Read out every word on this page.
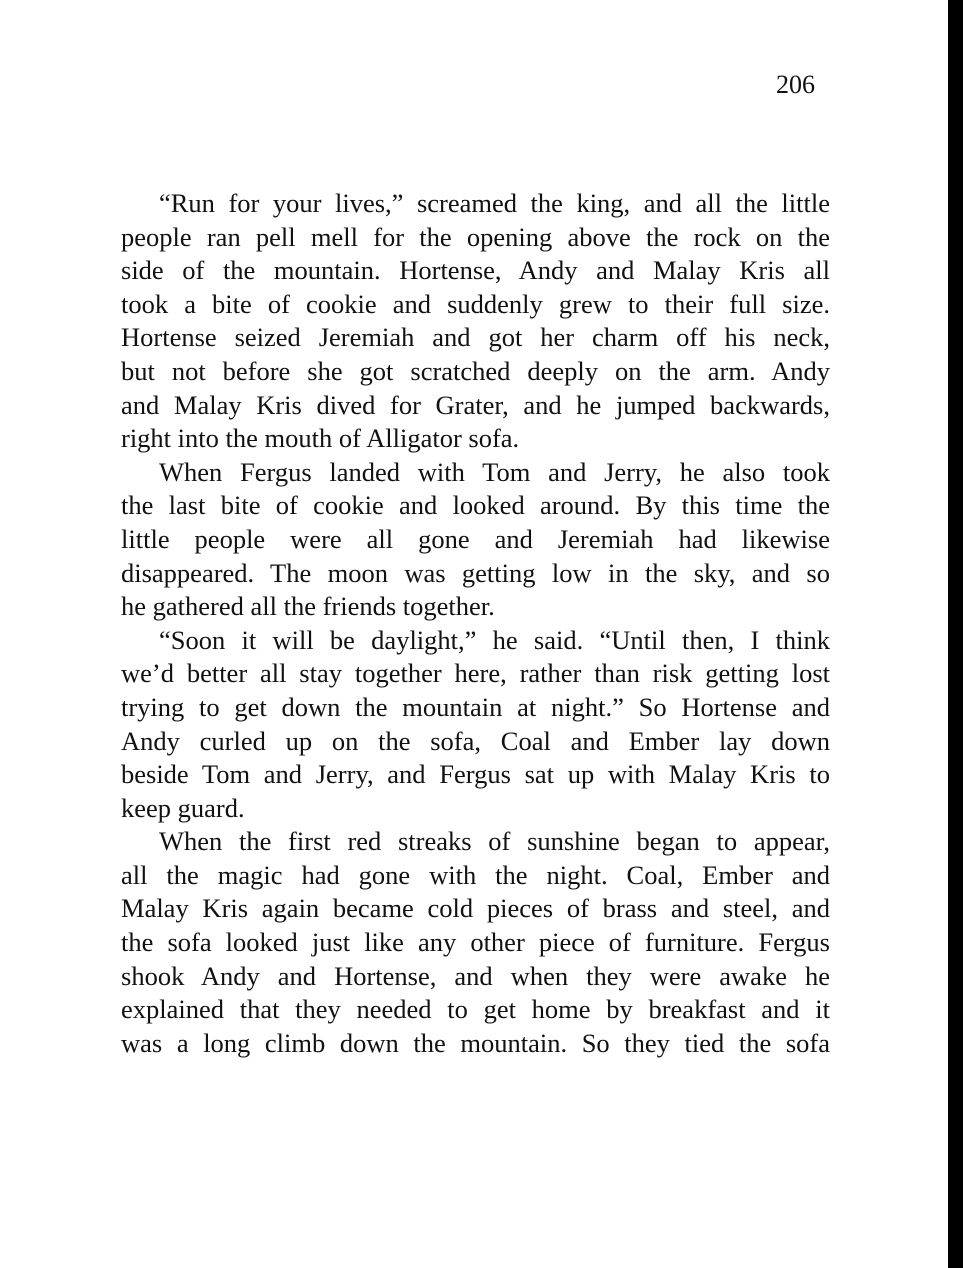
206
“Run for your lives,” screamed the king, and all the little
people ran pell mell for the opening above the rock on the
side of the mountain. Hortense, Andy and Malay Kris all
took a bite of cookie and suddenly grew to their full size.
Hortense seized Jeremiah and got her charm off his neck,
but not before she got scratched deeply on the arm. Andy
and Malay Kris dived for Grater, and he jumped backwards,
right into the mouth of Alligator sofa.
When Fergus landed with Tom and Jerry, he also took
the last bite of cookie and looked around. By this time the
little people were all gone and Jeremiah had likewise
disappeared. The moon was getting low in the sky, and so
he gathered all the friends together.
“Soon it will be daylight,” he said. “Until then, I think
we’d better all stay together here, rather than risk getting lost
trying to get down the mountain at night.” So Hortense and
Andy curled up on the sofa, Coal and Ember lay down
beside Tom and Jerry, and Fergus sat up with Malay Kris to
keep guard.
When the first red streaks of sunshine began to appear,
all the magic had gone with the night. Coal, Ember and
Malay Kris again became cold pieces of brass and steel, and
the sofa looked just like any other piece of furniture. Fergus
shook Andy and Hortense, and when they were awake he
explained that they needed to get home by breakfast and it
was a long climb down the mountain. So they tied the sofa
